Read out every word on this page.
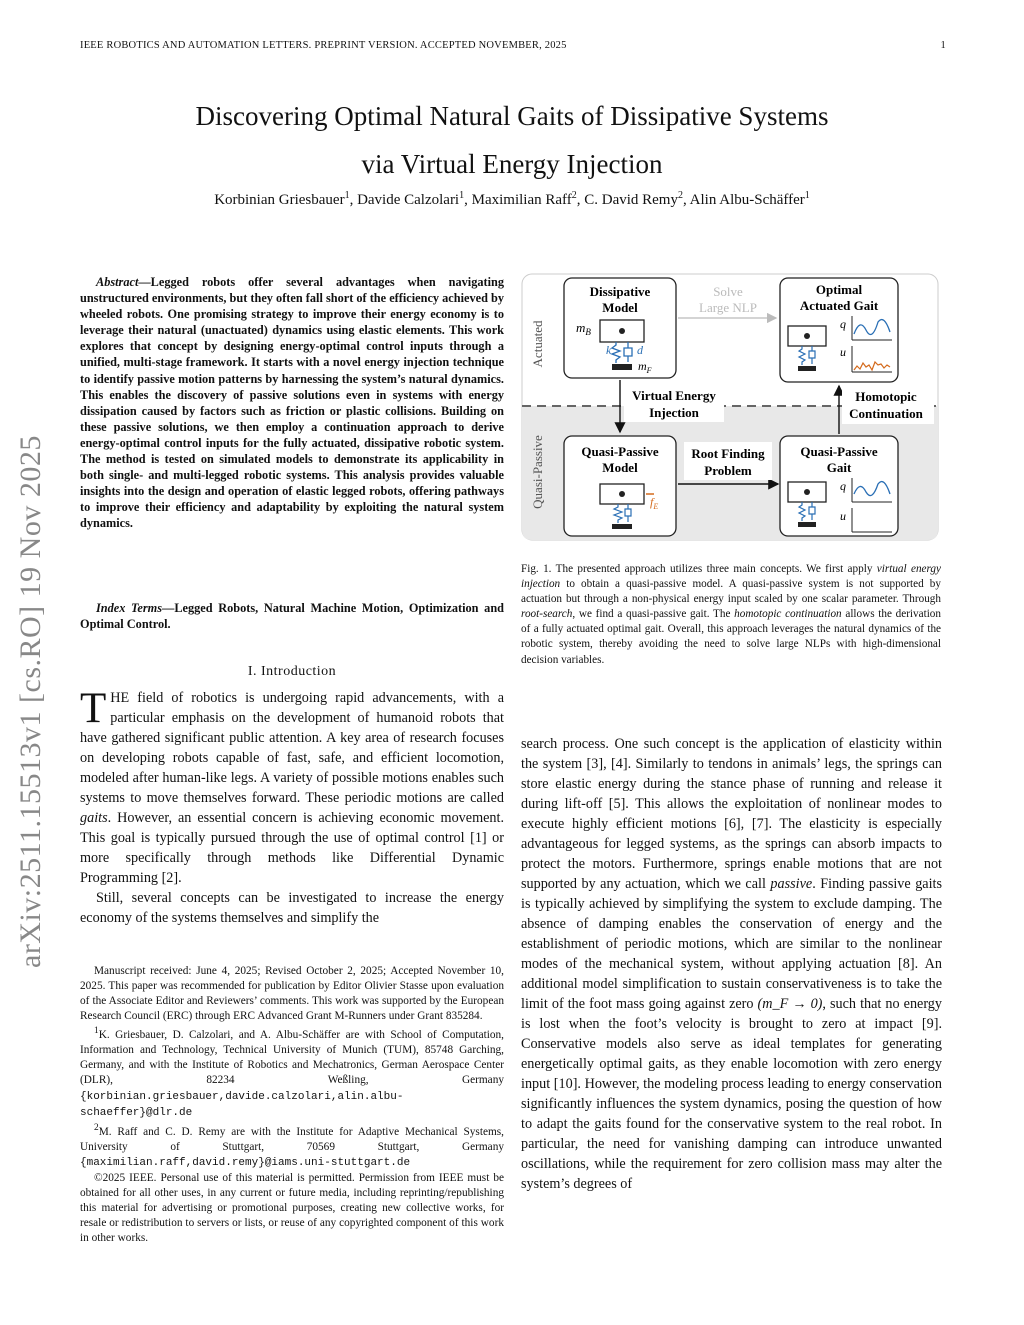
IEEE ROBOTICS AND AUTOMATION LETTERS. PREPRINT VERSION. ACCEPTED NOVEMBER, 2025	1
Discovering Optimal Natural Gaits of Dissipative Systems
via Virtual Energy Injection
Korbinian Griesbauer$^1$, Davide Calzolari$^1$, Maximilian Raff$^2$, C. David Remy$^2$, Alin Albu-Schäffer$^1$
arXiv:2511.15513v1 [cs.RO] 19 Nov 2025
Abstract—Legged robots offer several advantages when navigating unstructured environments, but they often fall short of the efficiency achieved by wheeled robots. One promising strategy to improve their energy economy is to leverage their natural (unactuated) dynamics using elastic elements. This work explores that concept by designing energy-optimal control inputs through a unified, multi-stage framework. It starts with a novel energy injection technique to identify passive motion patterns by harnessing the system’s natural dynamics. This enables the discovery of passive solutions even in systems with energy dissipation caused by factors such as friction or plastic collisions. Building on these passive solutions, we then employ a continuation approach to derive energy-optimal control inputs for the fully actuated, dissipative robotic system. The method is tested on simulated models to demonstrate its applicability in both single- and multi-legged robotic systems. This analysis provides valuable insights into the design and operation of elastic legged robots, offering pathways to improve their efficiency and adaptability by exploiting the natural system dynamics.
Index Terms—Legged Robots, Natural Machine Motion, Optimization and Optimal Control.
I. Introduction

THE field of robotics is undergoing rapid advancements, with a particular emphasis on the development of humanoid robots that have gathered significant public attention. A key area of research focuses on developing robots capable of fast, safe, and efficient locomotion, modeled after human-like legs. A variety of possible motions enables such systems to move themselves forward. These periodic motions are called gaits. However, an essential concern is achieving economic movement. This goal is typically pursued through the use of optimal control [1] or more specifically through methods like Differential Dynamic Programming [2].

Still, several concepts can be investigated to increase the energy economy of the systems themselves and simplify the

Manuscript received: June 4, 2025; Revised October 2, 2025; Accepted November 10, 2025. This paper was recommended for publication by Editor Olivier Stasse upon evaluation of the Associate Editor and Reviewers’ comments. This work was supported by the European Research Council (ERC) through ERC Advanced Grant M-Runners under Grant 835284.

$^1$K. Griesbauer, D. Calzolari, and A. Albu-Schäffer are with School of Computation, Information and Technology, Technical University of Munich (TUM), 85748 Garching, Germany, and with the Institute of Robotics and Mechatronics, German Aerospace Center (DLR), 82234 Weßling, Germany {korbinian.griesbauer,davide.calzolari,alin.albu-schaeffer}@dlr.de

$^2$M. Raff and C. D. Remy are with the Institute for Adaptive Mechanical Systems, University of Stuttgart, 70569 Stuttgart, Germany {maximilian.raff,david.remy}@iams.uni-stuttgart.de

©2025 IEEE. Personal use of this material is permitted. Permission from IEEE must be obtained for all other uses, in any current or future media, including reprinting/republishing this material for advertising or promotional purposes, creating new collective works, for resale or redistribution to servers or lists, or reuse of any copyrighted component of this work in other works.

Actuated
Quasi-Passive
Dissipative
Model
$m_B$
k d
$m_F$
Solve
Large NLP
Optimal
Actuated Gait
q
u
Virtual Energy
Injection
Homotopic
Continuation
Quasi-Passive
Model
$f_E$
Root Finding
Problem
Quasi-Passive
Gait
q
u
Fig. 1. The presented approach utilizes three main concepts. We first apply virtual energy injection to obtain a quasi-passive model. A quasi-passive system is not supported by actuation but through a non-physical energy input scaled by one scalar parameter. Through root-search, we find a quasi-passive gait. The homotopic continuation allows the derivation of a fully actuated optimal gait. Overall, this approach leverages the natural dynamics of the robotic system, thereby avoiding the need to solve large NLPs with high-dimensional decision variables.

search process. One such concept is the application of elasticity within the system [3], [4]. Similarly to tendons in animals’ legs, the springs can store elastic energy during the stance phase of running and release it during lift-off [5]. This allows the exploitation of nonlinear modes to execute highly efficient motions [6], [7]. The elasticity is especially advantageous for legged systems, as the springs can absorb impacts to protect the motors. Furthermore, springs enable motions that are not supported by any actuation, which we call passive. Finding passive gaits is typically achieved by simplifying the system to exclude damping. The absence of damping enables the conservation of energy and the establishment of periodic motions, which are similar to the nonlinear modes of the mechanical system, without applying actuation [8]. An additional model simplification to sustain conservativeness is to take the limit of the foot mass going against zero (m_F → 0), such that no energy is lost when the foot’s velocity is brought to zero at impact [9]. Conservative models also serve as ideal templates for generating energetically optimal gaits, as they enable locomotion with zero energy input [10]. However, the modeling process leading to energy conservation significantly influences the system dynamics, posing the question of how to adapt the gaits found for the conservative system to the real robot. In particular, the need for vanishing damping can introduce unwanted oscillations, while the requirement for zero collision mass may alter the system’s degrees of
